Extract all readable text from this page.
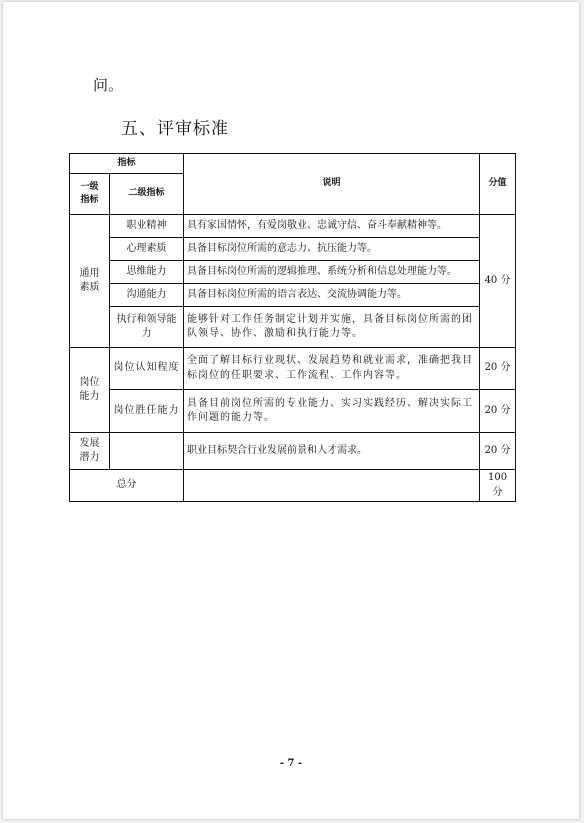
问。
五、评审标准
指标		说明	分值
一级
指标	二级指标		
通用
素质	职业精神	具有家国情怀，有爱岗敬业、忠诚守信、奋斗奉献精神等。	40 分
	心理素质	具备目标岗位所需的意志力、抗压能力等。	
	思维能力	具备目标岗位所需的逻辑推理、系统分析和信息处理能力等。	
	沟通能力	具备目标岗位所需的语言表达、交流协调能力等。	
	执行和领导能力	能够针对工作任务制定计划并实施，具备目标岗位所需的团队领导、协作、激励和执行能力等。	
岗位
能力	岗位认知程度	全面了解目标行业现状、发展趋势和就业需求，准确把我目标岗位的任职要求、工作流程、工作内容等。	20 分
	岗位胜任能力	具备目前岗位所需的专业能力、实习实践经历、解决实际工作问题的能力等。	20 分
发展
潜力		职业目标契合行业发展前景和人才需求。	20 分
总分			100 分
- 7 -
